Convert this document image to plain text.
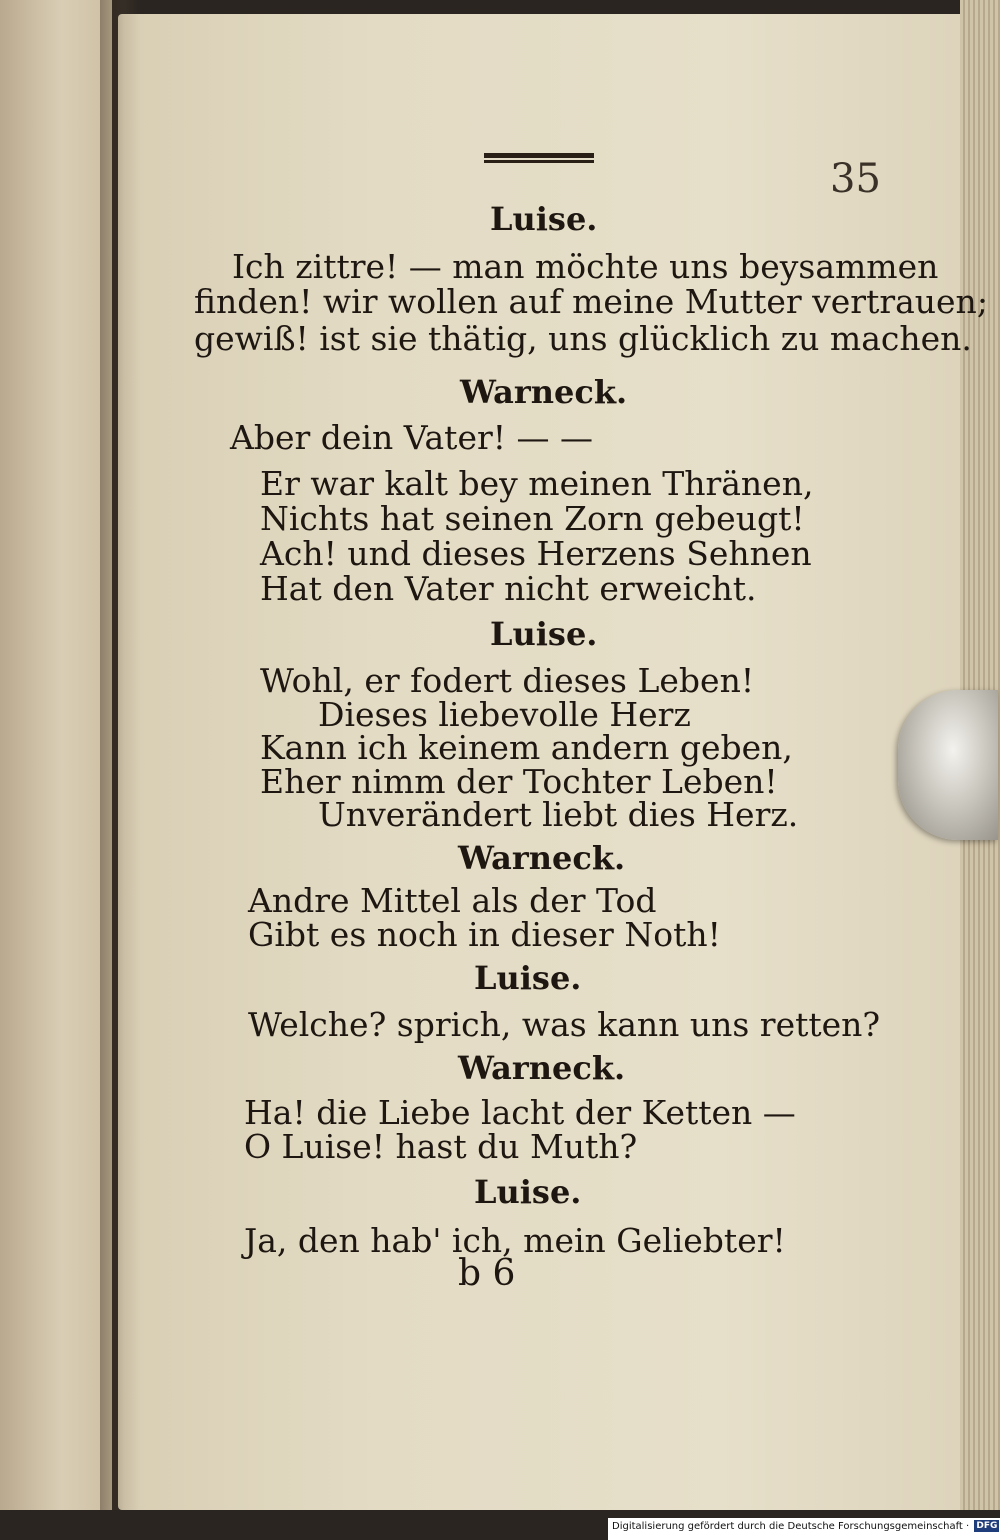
35
Luise.
Ich zittre! — man möchte uns beysammen
finden! wir wollen auf meine Mutter vertrauen;
gewiß! ist sie thätig, uns glücklich zu machen.
Warneck.
Aber dein Vater! — —
Er war kalt bey meinen Thränen,
Nichts hat seinen Zorn gebeugt!
Ach! und dieses Herzens Sehnen
Hat den Vater nicht erweicht.
Luise.
Wohl, er fodert dieses Leben!
Dieses liebevolle Herz
Kann ich keinem andern geben,
Eher nimm der Tochter Leben!
Unverändert liebt dies Herz.
Warneck.
Andre Mittel als der Tod
Gibt es noch in dieser Noth!
Luise.
Welche? sprich, was kann uns retten?
Warneck.
Ha! die Liebe lacht der Ketten —
O Luise! hast du Muth?
Luise.
Ja, den hab' ich, mein Geliebter!
b 6
Digitalisierung gefördert durch die Deutsche Forschungsgemeinschaft · DFG
